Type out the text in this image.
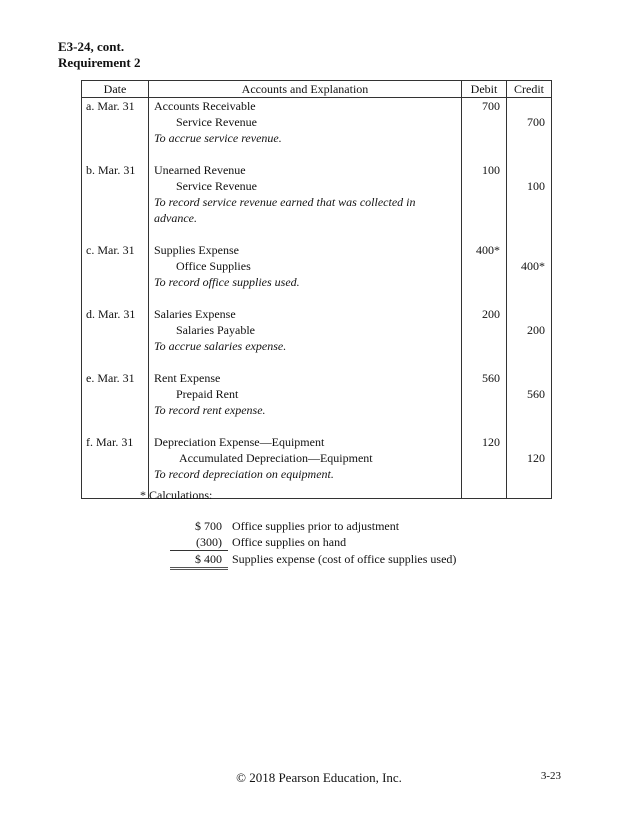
E3-24, cont.
Requirement 2
Date	Accounts and Explanation	Debit	Credit
a. Mar. 31	Accounts Receivable	700	
	Service Revenue		700
	To accrue service revenue.		

b. Mar. 31	Unearned Revenue	100	
	Service Revenue		100
	To record service revenue earned that was collected in		
	advance.		

c. Mar. 31	Supplies Expense	400*	
	Office Supplies		400*
	To record office supplies used.		

d. Mar. 31	Salaries Expense	200	
	Salaries Payable		200
	To accrue salaries expense.		

e. Mar. 31	Rent Expense	560	
	Prepaid Rent		560
	To record rent expense.		

f. Mar. 31	Depreciation Expense—Equipment	120	
	Accumulated Depreciation—Equipment		120
	To record depreciation on equipment.		

* Calculations:
$ 700 Office supplies prior to adjustment
(300) Office supplies on hand
$ 400 Supplies expense (cost of office supplies used)
© 2018 Pearson Education, Inc.	3-23
